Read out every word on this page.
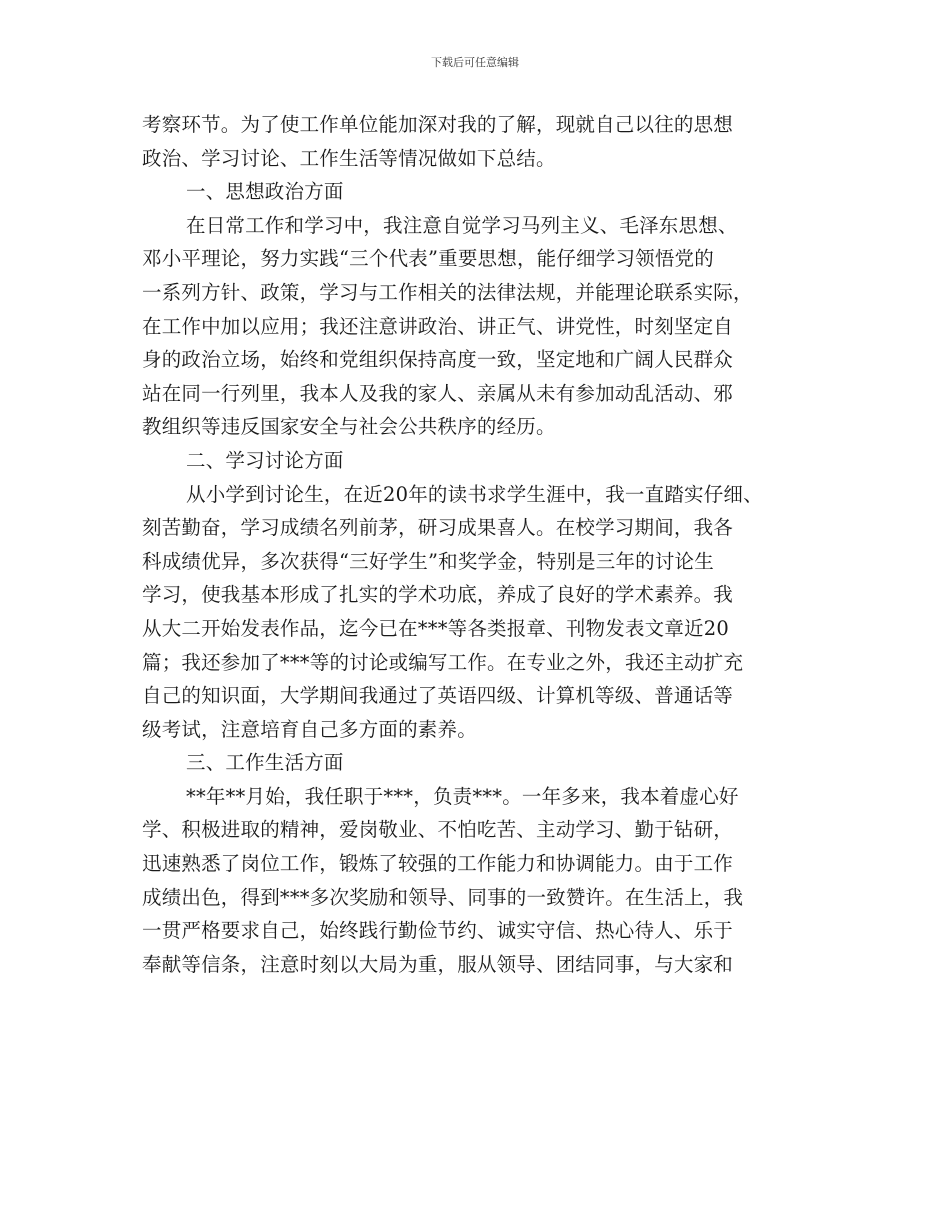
下载后可任意编辑
考察环节。为了使工作单位能加深对我的了解，现就自己以往的思想
政治、学习讨论、工作生活等情况做如下总结。
一、思想政治方面
在日常工作和学习中，我注意自觉学习马列主义、毛泽东思想、
邓小平理论，努力实践“三个代表”重要思想，能仔细学习领悟党的
一系列方针、政策，学习与工作相关的法律法规，并能理论联系实际，
在工作中加以应用；我还注意讲政治、讲正气、讲党性，时刻坚定自
身的政治立场，始终和党组织保持高度一致，坚定地和广阔人民群众
站在同一行列里，我本人及我的家人、亲属从未有参加动乱活动、邪
教组织等违反国家安全与社会公共秩序的经历。
二、学习讨论方面
从小学到讨论生，在近20年的读书求学生涯中，我一直踏实仔细、
刻苦勤奋，学习成绩名列前茅，研习成果喜人。在校学习期间，我各
科成绩优异，多次获得“三好学生”和奖学金，特别是三年的讨论生
学习，使我基本形成了扎实的学术功底，养成了良好的学术素养。我
从大二开始发表作品，迄今已在***等各类报章、刊物发表文章近20
篇；我还参加了***等的讨论或编写工作。在专业之外，我还主动扩充
自己的知识面，大学期间我通过了英语四级、计算机等级、普通话等
级考试，注意培育自己多方面的素养。
三、工作生活方面
**年**月始，我任职于***，负责***。一年多来，我本着虚心好
学、积极进取的精神，爱岗敬业、不怕吃苦、主动学习、勤于钻研，
迅速熟悉了岗位工作，锻炼了较强的工作能力和协调能力。由于工作
成绩出色，得到***多次奖励和领导、同事的一致赞许。在生活上，我
一贯严格要求自己，始终践行勤俭节约、诚实守信、热心待人、乐于
奉献等信条，注意时刻以大局为重，服从领导、团结同事，与大家和
